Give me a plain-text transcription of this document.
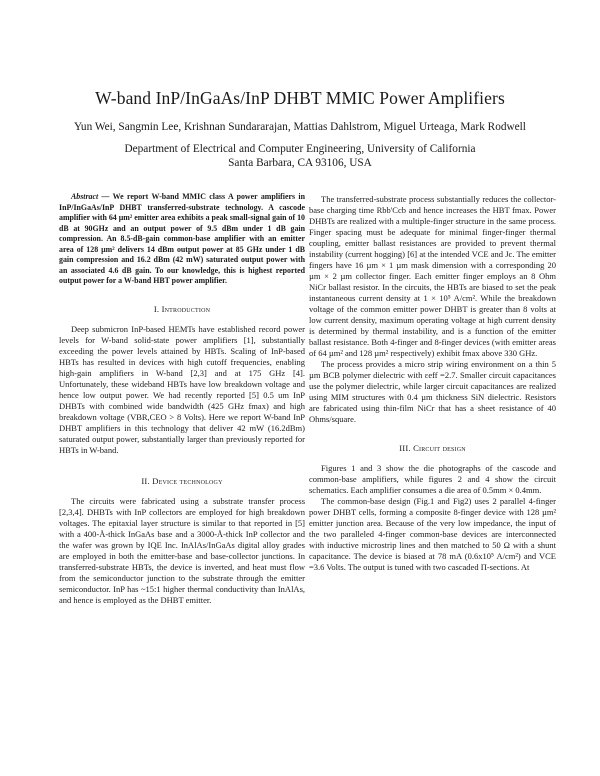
W-band InP/InGaAs/InP DHBT MMIC Power Amplifiers
Yun Wei, Sangmin Lee, Krishnan Sundararajan, Mattias Dahlstrom, Miguel Urteaga, Mark Rodwell
Department of Electrical and Computer Engineering, University of California
Santa Barbara, CA 93106, USA

Abstract — We report W-band MMIC class A power amplifiers in InP/InGaAs/InP DHBT transferred-substrate technology. A cascode amplifier with 64 µm² emitter area exhibits a peak small-signal gain of 10 dB at 90GHz and an output power of 9.5 dBm under 1 dB gain compression. An 8.5-dB-gain common-base amplifier with an emitter area of 128 µm² delivers 14 dBm output power at 85 GHz under 1 dB gain compression and 16.2 dBm (42 mW) saturated output power with an associated 4.6 dB gain. To our knowledge, this is highest reported output power for a W-band HBT power amplifier.

I. Introduction

Deep submicron InP-based HEMTs have established record power levels for W-band solid-state power amplifiers [1], substantially exceeding the power levels attained by HBTs. Scaling of InP-based HBTs has resulted in devices with high cutoff frequencies, enabling high-gain amplifiers in W-band [2,3] and at 175 GHz [4]. Unfortunately, these wideband HBTs have low breakdown voltage and hence low output power. We had recently reported [5] 0.5 um InP DHBTs with combined wide bandwidth (425 GHz fmax) and high breakdown voltage (VBR,CEO > 8 Volts). Here we report W-band InP DHBT amplifiers in this technology that deliver 42 mW (16.2dBm) saturated output power, substantially larger than previously reported for HBTs in W-band.

II. Device technology

The circuits were fabricated using a substrate transfer process [2,3,4]. DHBTs with InP collectors are employed for high breakdown voltages. The epitaxial layer structure is similar to that reported in [5] with a 400-Å-thick InGaAs base and a 3000-Å-thick InP collector and the wafer was grown by IQE Inc. InAlAs/InGaAs digital alloy grades are employed in both the emitter-base and base-collector junctions. In transferred-substrate HBTs, the device is inverted, and heat must flow from the semiconductor junction to the substrate through the emitter semiconductor. InP has ~15:1 higher thermal conductivity than InAlAs, and hence is employed as the DHBT emitter.

The transferred-substrate process substantially reduces the collector-base charging time Rbb'Ccb and hence increases the HBT fmax. Power DHBTs are realized with a multiple-finger structure in the same process. Finger spacing must be adequate for minimal finger-finger thermal coupling, emitter ballast resistances are provided to prevent thermal instability (current hogging) [6] at the intended VCE and Jc. The emitter fingers have 16 µm × 1 µm mask dimension with a corresponding 20 µm × 2 µm collector finger. Each emitter finger employs an 8 Ohm NiCr ballast resistor. In the circuits, the HBTs are biased to set the peak instantaneous current density at 1 × 10⁵ A/cm². While the breakdown voltage of the common emitter power DHBT is greater than 8 volts at low current density, maximum operating voltage at high current density is determined by thermal instability, and is a function of the emitter ballast resistance. Both 4-finger and 8-finger devices (with emitter areas of 64 µm² and 128 µm² respectively) exhibit fmax above 330 GHz.

The process provides a micro strip wiring environment on a thin 5 µm BCB polymer dielectric with εeff =2.7. Smaller circuit capacitances use the polymer dielectric, while larger circuit capacitances are realized using MIM structures with 0.4 µm thickness SiN dielectric. Resistors are fabricated using thin-film NiCr that has a sheet resistance of 40 Ohms/square.

III. Circuit design

Figures 1 and 3 show the die photographs of the cascode and common-base amplifiers, while figures 2 and 4 show the circuit schematics. Each amplifier consumes a die area of 0.5mm × 0.4mm.

The common-base design (Fig.1 and Fig2) uses 2 parallel 4-finger power DHBT cells, forming a composite 8-finger device with 128 µm² emitter junction area. Because of the very low impedance, the input of the two paralleled 4-finger common-base devices are interconnected with inductive microstrip lines and then matched to 50 Ω with a shunt capacitance. The device is biased at 78 mA (0.6x10⁵ A/cm²) and VCE =3.6 Volts. The output is tuned with two cascaded Π-sections. At
